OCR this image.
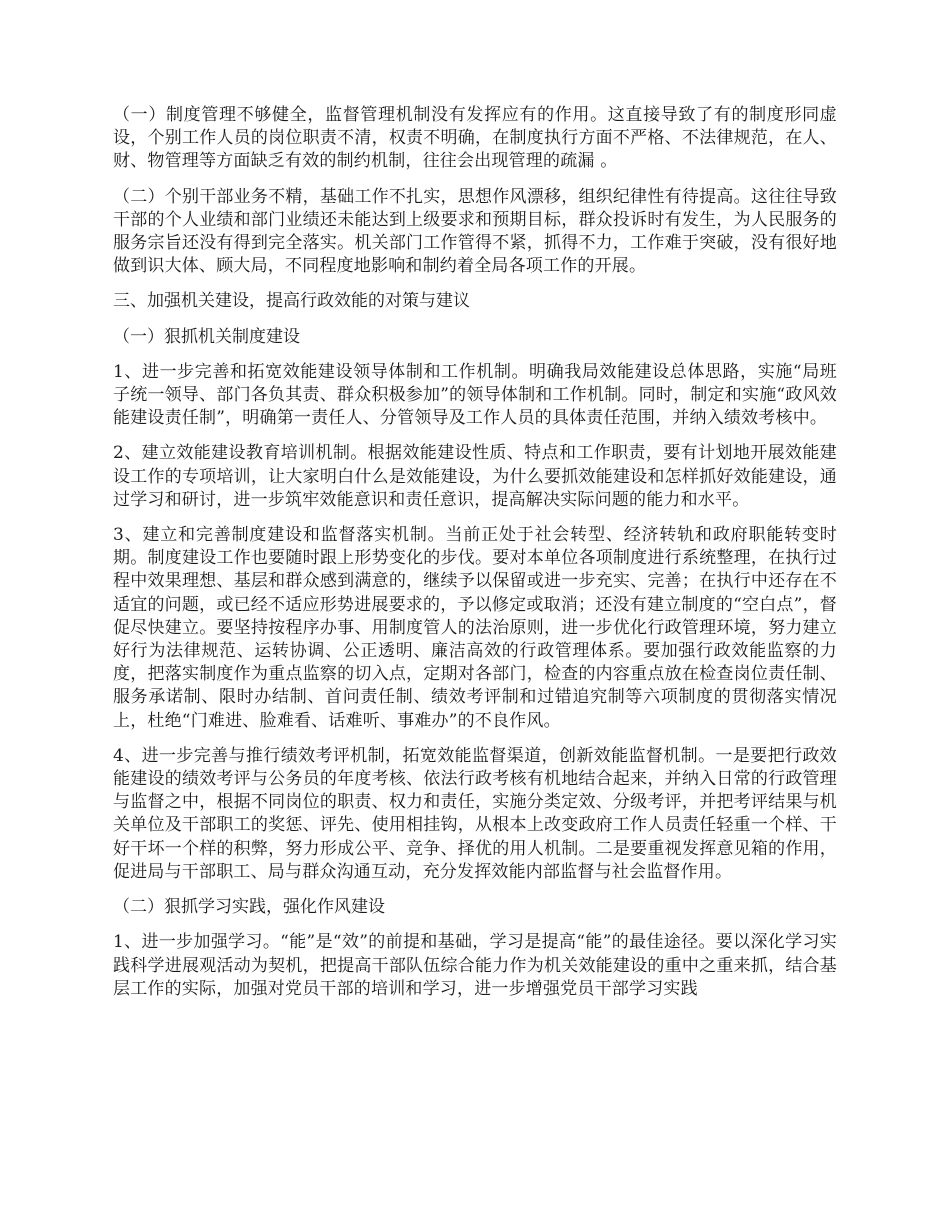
（一）制度管理不够健全，监督管理机制没有发挥应有的作用。这直接导致了有的制度形同虚设，个别工作人员的岗位职责不清，权责不明确，在制度执行方面不严格、不法律规范，在人、财、物管理等方面缺乏有效的制约机制，往往会出现管理的疏漏 。

（二）个别干部业务不精，基础工作不扎实，思想作风漂移，组织纪律性有待提高。这往往导致干部的个人业绩和部门业绩还未能达到上级要求和预期目标，群众投诉时有发生，为人民服务的服务宗旨还没有得到完全落实。机关部门工作管得不紧，抓得不力，工作难于突破，没有很好地做到识大体、顾大局，不同程度地影响和制约着全局各项工作的开展。

三、加强机关建设，提高行政效能的对策与建议

（一）狠抓机关制度建设

1、进一步完善和拓宽效能建设领导体制和工作机制。明确我局效能建设总体思路，实施“局班子统一领导、部门各负其责、群众积极参加”的领导体制和工作机制。同时，制定和实施“政风效能建设责任制”，明确第一责任人、分管领导及工作人员的具体责任范围，并纳入绩效考核中。

2、建立效能建设教育培训机制。根据效能建设性质、特点和工作职责，要有计划地开展效能建设工作的专项培训，让大家明白什么是效能建设，为什么要抓效能建设和怎样抓好效能建设，通过学习和研讨，进一步筑牢效能意识和责任意识，提高解决实际问题的能力和水平。

3、建立和完善制度建设和监督落实机制。当前正处于社会转型、经济转轨和政府职能转变时期。制度建设工作也要随时跟上形势变化的步伐。要对本单位各项制度进行系统整理，在执行过程中效果理想、基层和群众感到满意的，继续予以保留或进一步充实、完善；在执行中还存在不适宜的问题，或已经不适应形势进展要求的，予以修定或取消；还没有建立制度的“空白点”，督促尽快建立。要坚持按程序办事、用制度管人的法治原则，进一步优化行政管理环境，努力建立好行为法律规范、运转协调、公正透明、廉洁高效的行政管理体系。要加强行政效能监察的力度，把落实制度作为重点监察的切入点，定期对各部门，检查的内容重点放在检查岗位责任制、服务承诺制、限时办结制、首问责任制、绩效考评制和过错追究制等六项制度的贯彻落实情况上，杜绝“门难进、脸难看、话难听、事难办”的不良作风。

4、进一步完善与推行绩效考评机制，拓宽效能监督渠道，创新效能监督机制。一是要把行政效能建设的绩效考评与公务员的年度考核、依法行政考核有机地结合起来，并纳入日常的行政管理与监督之中，根据不同岗位的职责、权力和责任，实施分类定效、分级考评，并把考评结果与机关单位及干部职工的奖惩、评先、使用相挂钩，从根本上改变政府工作人员责任轻重一个样、干好干坏一个样的积弊，努力形成公平、竞争、择优的用人机制。二是要重视发挥意见箱的作用，促进局与干部职工、局与群众沟通互动，充分发挥效能内部监督与社会监督作用。

（二）狠抓学习实践，强化作风建设

1、进一步加强学习。“能”是“效”的前提和基础，学习是提高“能”的最佳途径。要以深化学习实践科学进展观活动为契机，把提高干部队伍综合能力作为机关效能建设的重中之重来抓，结合基层工作的实际，加强对党员干部的培训和学习，进一步增强党员干部学习实践
